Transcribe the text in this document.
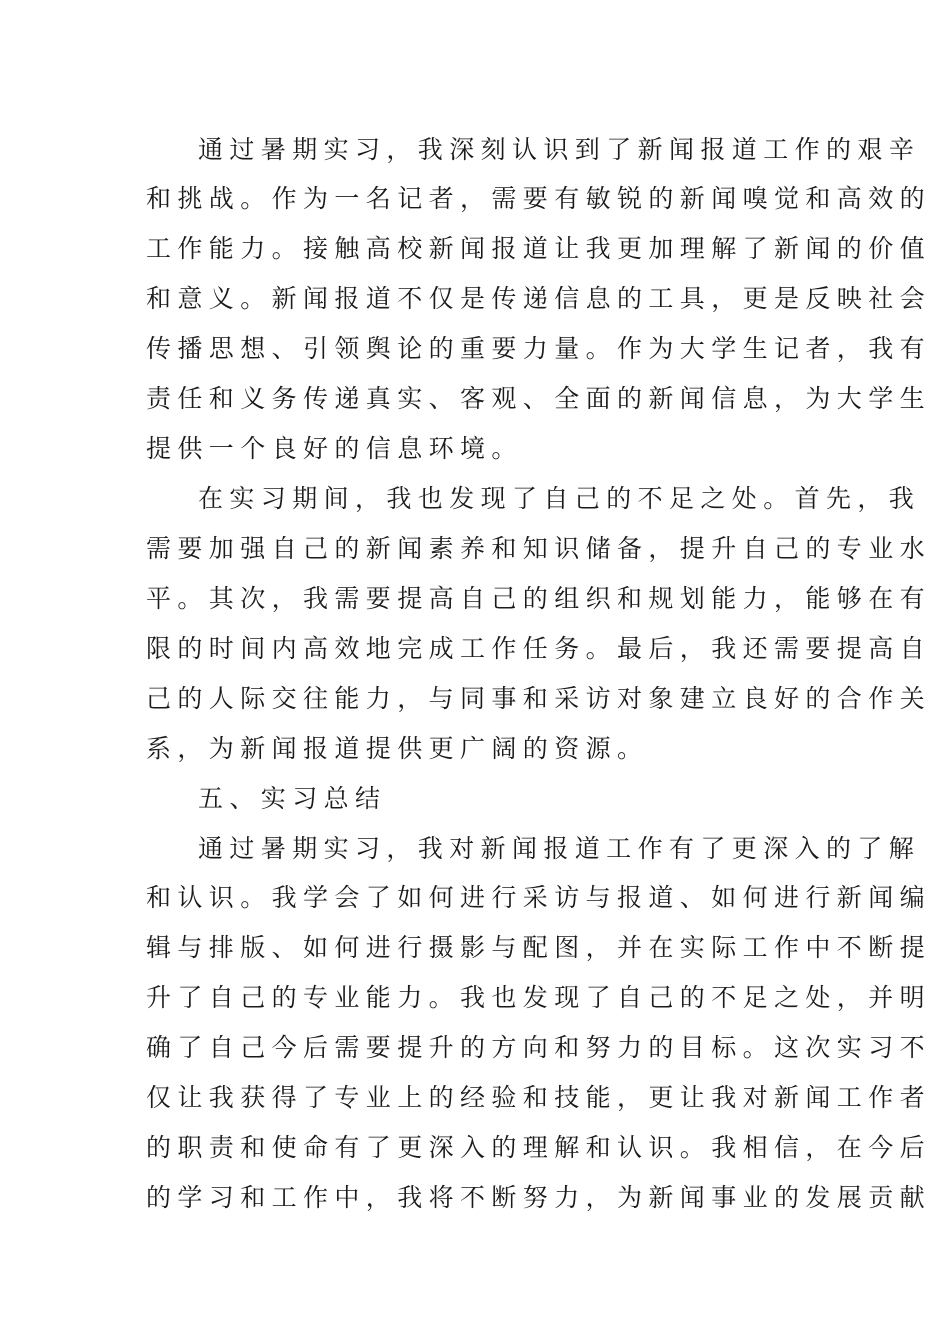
通过暑期实习，我深刻认识到了新闻报道工作的艰辛
和挑战。作为一名记者，需要有敏锐的新闻嗅觉和高效的
工作能力。接触高校新闻报道让我更加理解了新闻的价值
和意义。新闻报道不仅是传递信息的工具，更是反映社会
传播思想、引领舆论的重要力量。作为大学生记者，我有
责任和义务传递真实、客观、全面的新闻信息，为大学生
提供一个良好的信息环境。
在实习期间，我也发现了自己的不足之处。首先，我
需要加强自己的新闻素养和知识储备，提升自己的专业水
平。其次，我需要提高自己的组织和规划能力，能够在有
限的时间内高效地完成工作任务。最后，我还需要提高自
己的人际交往能力，与同事和采访对象建立良好的合作关
系，为新闻报道提供更广阔的资源。
五、实习总结
通过暑期实习，我对新闻报道工作有了更深入的了解
和认识。我学会了如何进行采访与报道、如何进行新闻编
辑与排版、如何进行摄影与配图，并在实际工作中不断提
升了自己的专业能力。我也发现了自己的不足之处，并明
确了自己今后需要提升的方向和努力的目标。这次实习不
仅让我获得了专业上的经验和技能，更让我对新闻工作者
的职责和使命有了更深入的理解和认识。我相信，在今后
的学习和工作中，我将不断努力，为新闻事业的发展贡献
